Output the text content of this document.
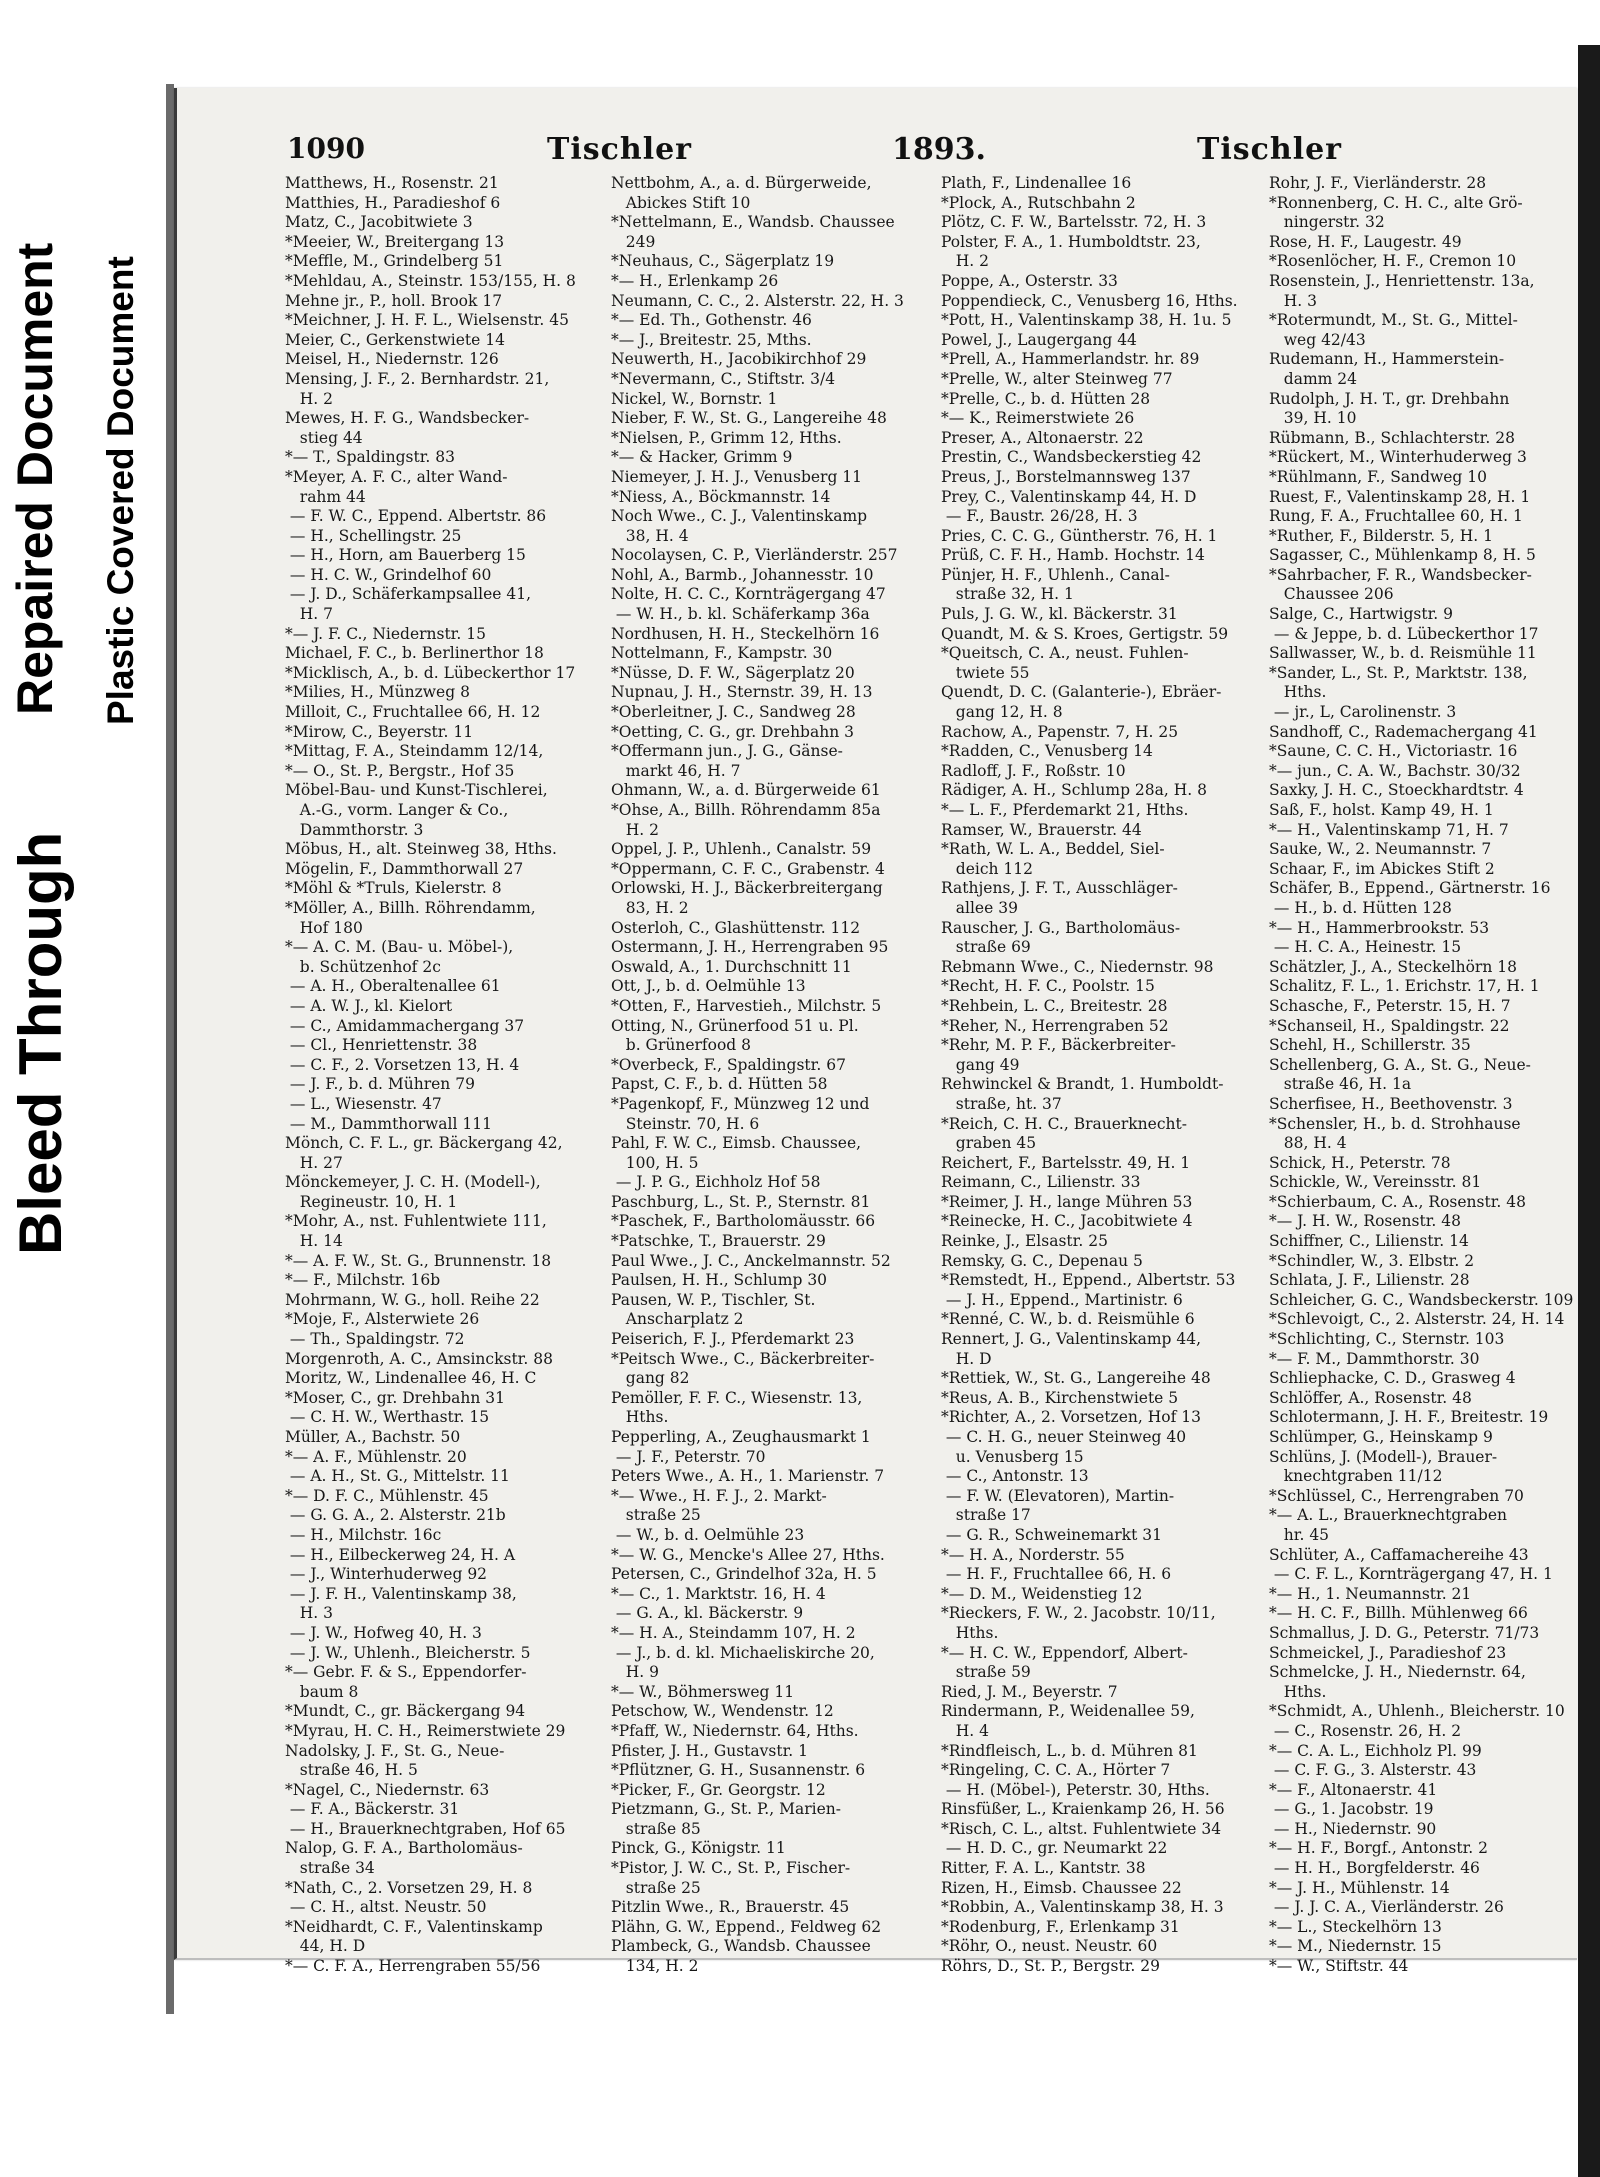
Bleed Through
Repaired Document Plastic Covered Document
1090	Tischler	1893.	Tischler
Matthews, H., Rosenstr. 21
Matthies, H., Paradieshof 6
Matz, C., Jacobitwiete 3
*Meeier, W., Breitergang 13
*Meffle, M., Grindelberg 51
*Mehldau, A., Steinstr. 153/155, H. 8
Mehne jr., P., holl. Brook 17
*Meichner, J. H. F. L., Wielsenstr. 45
Meier, C., Gerkenstwiete 14
Meisel, H., Niedernstr. 126
Mensing, J. F., 2. Bernhardstr. 21,
H. 2
Mewes, H. F. G., Wandsbecker-
stieg 44
*— T., Spaldingstr. 83
*Meyer, A. F. C., alter Wand-
rahm 44
— F. W. C., Eppend. Albertstr. 86
— H., Schellingstr. 25
— H., Horn, am Bauerberg 15
— H. C. W., Grindelhof 60
— J. D., Schäferkampsallee 41,
H. 7
*— J. F. C., Niedernstr. 15
Michael, F. C., b. Berlinerthor 18
*Micklisch, A., b. d. Lübeckerthor 17
*Milies, H., Münzweg 8
Milloit, C., Fruchtallee 66, H. 12
*Mirow, C., Beyerstr. 11
*Mittag, F. A., Steindamm 12/14,
*— O., St. P., Bergstr., Hof 35
Möbel-Bau- und Kunst-Tischlerei,
A.-G., vorm. Langer & Co.,
Dammthorstr. 3
Möbus, H., alt. Steinweg 38, Hths.
Mögelin, F., Dammthorwall 27
*Möhl & *Truls, Kielerstr. 8
*Möller, A., Billh. Röhrendamm,
Hof 180
*— A. C. M. (Bau- u. Möbel-),
b. Schützenhof 2c
— A. H., Oberaltenallee 61
— A. W. J., kl. Kielort
— C., Amidammachergang 37
— Cl., Henriettenstr. 38
— C. F., 2. Vorsetzen 13, H. 4
— J. F., b. d. Mühren 79
— L., Wiesenstr. 47
— M., Dammthorwall 111
Mönch, C. F. L., gr. Bäckergang 42,
H. 27
Mönckemeyer, J. C. H. (Modell-),
Regineustr. 10, H. 1
*Mohr, A., nst. Fuhlentwiete 111,
H. 14
*— A. F. W., St. G., Brunnenstr. 18
*— F., Milchstr. 16b
Mohrmann, W. G., holl. Reihe 22
*Moje, F., Alsterwiete 26
— Th., Spaldingstr. 72
Morgenroth, A. C., Amsinckstr. 88
Moritz, W., Lindenallee 46, H. C
*Moser, C., gr. Drehbahn 31
— C. H. W., Werthastr. 15
Müller, A., Bachstr. 50
*— A. F., Mühlenstr. 20
— A. H., St. G., Mittelstr. 11
*— D. F. C., Mühlenstr. 45
— G. G. A., 2. Alsterstr. 21b
— H., Milchstr. 16c
— H., Eilbeckerweg 24, H. A
— J., Winterhuderweg 92
— J. F. H., Valentinskamp 38,
H. 3
— J. W., Hofweg 40, H. 3
— J. W., Uhlenh., Bleicherstr. 5
*— Gebr. F. & S., Eppendorfer-
baum 8
*Mundt, C., gr. Bäckergang 94
*Myrau, H. C. H., Reimerstwiete 29
Nadolsky, J. F., St. G., Neue-
straße 46, H. 5
*Nagel, C., Niedernstr. 63
— F. A., Bäckerstr. 31
— H., Brauerknechtgraben, Hof 65
Nalop, G. F. A., Bartholomäus-
straße 34
*Nath, C., 2. Vorsetzen 29, H. 8
— C. H., altst. Neustr. 50
*Neidhardt, C. F., Valentinskamp
44, H. D
*— C. F. A., Herrengraben 55/56
Nettbohm, A., a. d. Bürgerweide,
Abickes Stift 10
*Nettelmann, E., Wandsb. Chaussee
249
*Neuhaus, C., Sägerplatz 19
*— H., Erlenkamp 26
Neumann, C. C., 2. Alsterstr. 22, H. 3
*— Ed. Th., Gothenstr. 46
*— J., Breitestr. 25, Mths.
Neuwerth, H., Jacobikirchhof 29
*Nevermann, C., Stiftstr. 3/4
Nickel, W., Bornstr. 1
Nieber, F. W., St. G., Langereihe 48
*Nielsen, P., Grimm 12, Hths.
*— & Hacker, Grimm 9
Niemeyer, J. H. J., Venusberg 11
*Niess, A., Böckmannstr. 14
Noch Wwe., C. J., Valentinskamp
38, H. 4
Nocolaysen, C. P., Vierländerstr. 257
Nohl, A., Barmb., Johannesstr. 10
Nolte, H. C. C., Kornträgergang 47
— W. H., b. kl. Schäferkamp 36a
Nordhusen, H. H., Steckelhörn 16
Nottelmann, F., Kampstr. 30
*Nüsse, D. F. W., Sägerplatz 20
Nupnau, J. H., Sternstr. 39, H. 13
*Oberleitner, J. C., Sandweg 28
*Oetting, C. G., gr. Drehbahn 3
*Offermann jun., J. G., Gänse-
markt 46, H. 7
Ohmann, W., a. d. Bürgerweide 61
*Ohse, A., Billh. Röhrendamm 85a
H. 2
Oppel, J. P., Uhlenh., Canalstr. 59
*Oppermann, C. F. C., Grabenstr. 4
Orlowski, H. J., Bäckerbreitergang
83, H. 2
Osterloh, C., Glashüttenstr. 112
Ostermann, J. H., Herrengraben 95
Oswald, A., 1. Durchschnitt 11
Ott, J., b. d. Oelmühle 13
*Otten, F., Harvestieh., Milchstr. 5
Otting, N., Grünerfood 51 u. Pl.
b. Grünerfood 8
*Overbeck, F., Spaldingstr. 67
Papst, C. F., b. d. Hütten 58
*Pagenkopf, F., Münzweg 12 und
Steinstr. 70, H. 6
Pahl, F. W. C., Eimsb. Chaussee,
100, H. 5
— J. P. G., Eichholz Hof 58
Paschburg, L., St. P., Sternstr. 81
*Paschek, F., Bartholomäusstr. 66
*Patschke, T., Brauerstr. 29
Paul Wwe., J. C., Anckelmannstr. 52
Paulsen, H. H., Schlump 30
Pausen, W. P., Tischler, St.
Anscharplatz 2
Peiserich, F. J., Pferdemarkt 23
*Peitsch Wwe., C., Bäckerbreiter-
gang 82
Pemöller, F. F. C., Wiesenstr. 13,
Hths.
Pepperling, A., Zeughausmarkt 1
— J. F., Peterstr. 70
Peters Wwe., A. H., 1. Marienstr. 7
*— Wwe., H. F. J., 2. Markt-
straße 25
— W., b. d. Oelmühle 23
*— W. G., Mencke's Allee 27, Hths.
Petersen, C., Grindelhof 32a, H. 5
*— C., 1. Marktstr. 16, H. 4
— G. A., kl. Bäckerstr. 9
*— H. A., Steindamm 107, H. 2
— J., b. d. kl. Michaeliskirche 20,
H. 9
*— W., Böhmersweg 11
Petschow, W., Wendenstr. 12
*Pfaff, W., Niedernstr. 64, Hths.
Pfister, J. H., Gustavstr. 1
*Pflützner, G. H., Susannenstr. 6
*Picker, F., Gr. Georgstr. 12
Pietzmann, G., St. P., Marien-
straße 85
Pinck, G., Königstr. 11
*Pistor, J. W. C., St. P., Fischer-
straße 25
Pitzlin Wwe., R., Brauerstr. 45
Plähn, G. W., Eppend., Feldweg 62
Plambeck, G., Wandsb. Chaussee
134, H. 2
Plath, F., Lindenallee 16
*Plock, A., Rutschbahn 2
Plötz, C. F. W., Bartelsstr. 72, H. 3
Polster, F. A., 1. Humboldtstr. 23,
H. 2
Poppe, A., Osterstr. 33
Poppendieck, C., Venusberg 16, Hths.
*Pott, H., Valentinskamp 38, H. 1u. 5
Powel, J., Laugergang 44
*Prell, A., Hammerlandstr. hr. 89
*Prelle, W., alter Steinweg 77
*Prelle, C., b. d. Hütten 28
*— K., Reimerstwiete 26
Preser, A., Altonaerstr. 22
Prestin, C., Wandsbeckerstieg 42
Preus, J., Borstelmannsweg 137
Prey, C., Valentinskamp 44, H. D
— F., Baustr. 26/28, H. 3
Pries, C. C. G., Güntherstr. 76, H. 1
Prüß, C. F. H., Hamb. Hochstr. 14
Pünjer, H. F., Uhlenh., Canal-
straße 32, H. 1
Puls, J. G. W., kl. Bäckerstr. 31
Quandt, M. & S. Kroes, Gertigstr. 59
*Queitsch, C. A., neust. Fuhlen-
twiete 55
Quendt, D. C. (Galanterie-), Ebräer-
gang 12, H. 8
Rachow, A., Papenstr. 7, H. 25
*Radden, C., Venusberg 14
Radloff, J. F., Roßstr. 10
Rädiger, A. H., Schlump 28a, H. 8
*— L. F., Pferdemarkt 21, Hths.
Ramser, W., Brauerstr. 44
*Rath, W. L. A., Beddel, Siel-
deich 112
Rathjens, J. F. T., Ausschläger-
allee 39
Rauscher, J. G., Bartholomäus-
straße 69
Rebmann Wwe., C., Niedernstr. 98
*Recht, H. F. C., Poolstr. 15
*Rehbein, L. C., Breitestr. 28
*Reher, N., Herrengraben 52
*Rehr, M. P. F., Bäckerbreiter-
gang 49
Rehwinckel & Brandt, 1. Humboldt-
straße, ht. 37
*Reich, C. H. C., Brauerknecht-
graben 45
Reichert, F., Bartelsstr. 49, H. 1
Reimann, C., Lilienstr. 33
*Reimer, J. H., lange Mühren 53
*Reinecke, H. C., Jacobitwiete 4
Reinke, J., Elsastr. 25
Remsky, G. C., Depenau 5
*Remstedt, H., Eppend., Albertstr. 53
— J. H., Eppend., Martinistr. 6
*Renné, C. W., b. d. Reismühle 6
Rennert, J. G., Valentinskamp 44,
H. D
*Rettiek, W., St. G., Langereihe 48
*Reus, A. B., Kirchenstwiete 5
*Richter, A., 2. Vorsetzen, Hof 13
— C. H. G., neuer Steinweg 40
u. Venusberg 15
— C., Antonstr. 13
— F. W. (Elevatoren), Martin-
straße 17
— G. R., Schweinemarkt 31
*— H. A., Norderstr. 55
— H. F., Fruchtallee 66, H. 6
*— D. M., Weidenstieg 12
*Rieckers, F. W., 2. Jacobstr. 10/11,
Hths.
*— H. C. W., Eppendorf, Albert-
straße 59
Ried, J. M., Beyerstr. 7
Rindermann, P., Weidenallee 59,
H. 4
*Rindfleisch, L., b. d. Mühren 81
*Ringeling, C. C. A., Hörter 7
— H. (Möbel-), Peterstr. 30, Hths.
Rinsfüßer, L., Kraienkamp 26, H. 56
*Risch, C. L., altst. Fuhlentwiete 34
— H. D. C., gr. Neumarkt 22
Ritter, F. A. L., Kantstr. 38
Rizen, H., Eimsb. Chaussee 22
*Robbin, A., Valentinskamp 38, H. 3
*Rodenburg, F., Erlenkamp 31
*Röhr, O., neust. Neustr. 60
Röhrs, D., St. P., Bergstr. 29
Rohr, J. F., Vierländerstr. 28
*Ronnenberg, C. H. C., alte Grö-
ningerstr. 32
Rose, H. F., Laugestr. 49
*Rosenlöcher, H. F., Cremon 10
Rosenstein, J., Henriettenstr. 13a,
H. 3
*Rotermundt, M., St. G., Mittel-
weg 42/43
Rudemann, H., Hammerstein-
damm 24
Rudolph, J. H. T., gr. Drehbahn
39, H. 10
Rübmann, B., Schlachterstr. 28
*Rückert, M., Winterhuderweg 3
*Rühlmann, F., Sandweg 10
Ruest, F., Valentinskamp 28, H. 1
Rung, F. A., Fruchtallee 60, H. 1
*Ruther, F., Bilderstr. 5, H. 1
Sagasser, C., Mühlenkamp 8, H. 5
*Sahrbacher, F. R., Wandsbecker-
Chaussee 206
Salge, C., Hartwigstr. 9
— & Jeppe, b. d. Lübeckerthor 17
Sallwasser, W., b. d. Reismühle 11
*Sander, L., St. P., Marktstr. 138,
Hths.
— jr., L, Carolinenstr. 3
Sandhoff, C., Rademachergang 41
*Saune, C. C. H., Victoriastr. 16
*— jun., C. A. W., Bachstr. 30/32
Saxky, J. H. C., Stoeckhardtstr. 4
Saß, F., holst. Kamp 49, H. 1
*— H., Valentinskamp 71, H. 7
Sauke, W., 2. Neumannstr. 7
Schaar, F., im Abickes Stift 2
Schäfer, B., Eppend., Gärtnerstr. 16
— H., b. d. Hütten 128
*— H., Hammerbrookstr. 53
— H. C. A., Heinestr. 15
Schätzler, J., A., Steckelhörn 18
Schalitz, F. L., 1. Erichstr. 17, H. 1
Schasche, F., Peterstr. 15, H. 7
*Schanseil, H., Spaldingstr. 22
Schehl, H., Schillerstr. 35
Schellenberg, G. A., St. G., Neue-
straße 46, H. 1a
Scherfisee, H., Beethovenstr. 3
*Schensler, H., b. d. Strohhause
88, H. 4
Schick, H., Peterstr. 78
Schickle, W., Vereinsstr. 81
*Schierbaum, C. A., Rosenstr. 48
*— J. H. W., Rosenstr. 48
Schiffner, C., Lilienstr. 14
*Schindler, W., 3. Elbstr. 2
Schlata, J. F., Lilienstr. 28
Schleicher, G. C., Wandsbeckerstr. 109
*Schlevoigt, C., 2. Alsterstr. 24, H. 14
*Schlichting, C., Sternstr. 103
*— F. M., Dammthorstr. 30
Schliephacke, C. D., Grasweg 4
Schlöffer, A., Rosenstr. 48
Schlotermann, J. H. F., Breitestr. 19
Schlümper, G., Heinskamp 9
Schlüns, J. (Modell-), Brauer-
knechtgraben 11/12
*Schlüssel, C., Herrengraben 70
*— A. L., Brauerknechtgraben
hr. 45
Schlüter, A., Caffamachereihe 43
— C. F. L., Kornträgergang 47, H. 1
*— H., 1. Neumannstr. 21
*— H. C. F., Billh. Mühlenweg 66
Schmallus, J. D. G., Peterstr. 71/73
Schmeickel, J., Paradieshof 23
Schmelcke, J. H., Niedernstr. 64,
Hths.
*Schmidt, A., Uhlenh., Bleicherstr. 10
— C., Rosenstr. 26, H. 2
*— C. A. L., Eichholz Pl. 99
— C. F. G., 3. Alsterstr. 43
*— F., Altonaerstr. 41
— G., 1. Jacobstr. 19
— H., Niedernstr. 90
*— H. F., Borgf., Antonstr. 2
— H. H., Borgfelderstr. 46
*— J. H., Mühlenstr. 14
— J. J. C. A., Vierländerstr. 26
*— L., Steckelhörn 13
*— M., Niedernstr. 15
*— W., Stiftstr. 44
